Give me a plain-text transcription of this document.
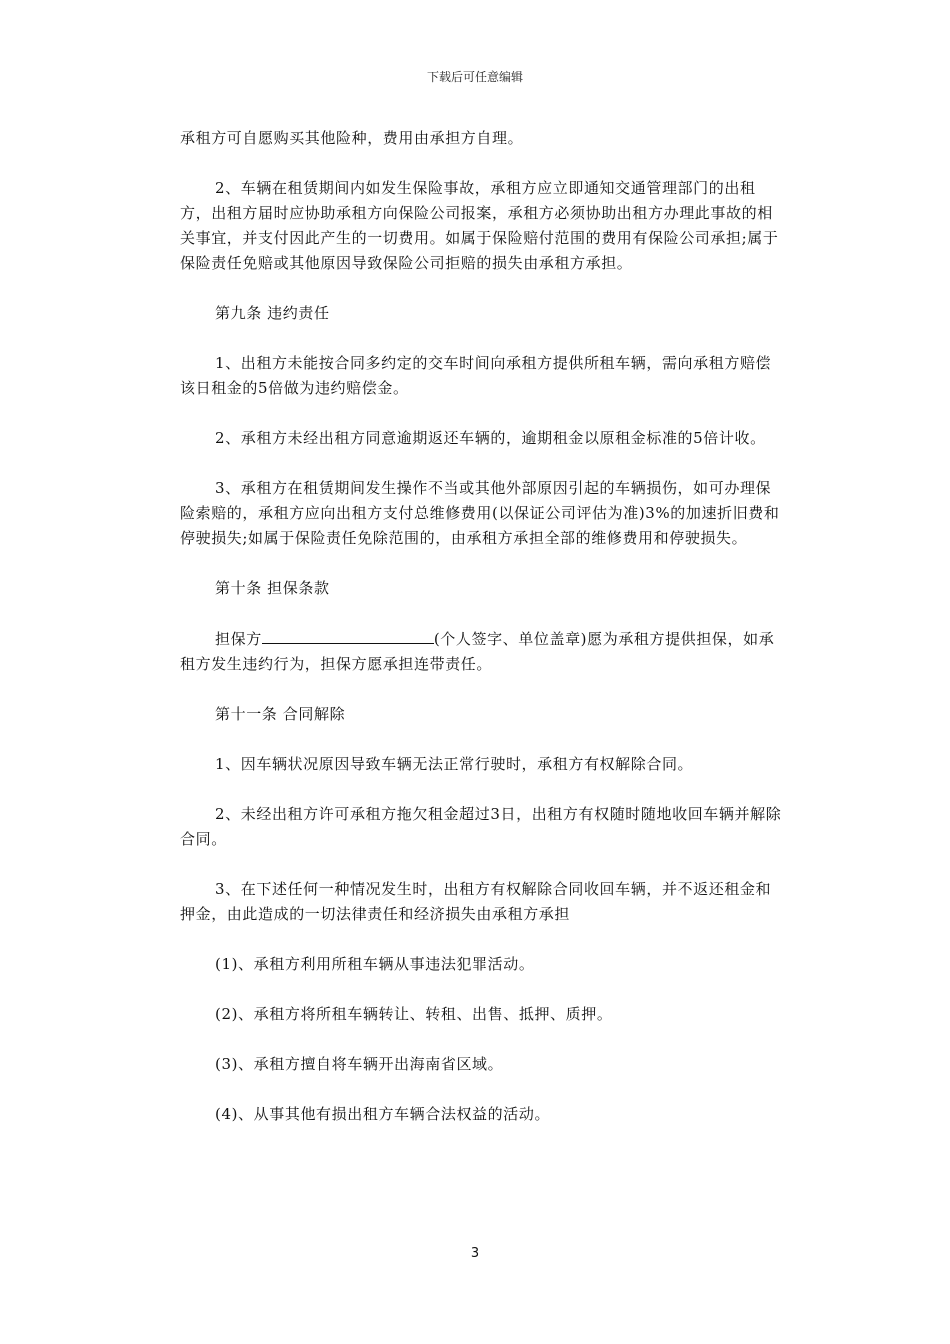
下载后可任意编辑

承租方可自愿购买其他险种，费用由承担方自理。

2、车辆在租赁期间内如发生保险事故，承租方应立即通知交通管理部门的出租方，出租方届时应协助承租方向保险公司报案，承租方必须协助出租方办理此事故的相关事宜，并支付因此产生的一切费用。如属于保险赔付范围的费用有保险公司承担;属于保险责任免赔或其他原因导致保险公司拒赔的损失由承租方承担。

第九条 违约责任

1、出租方未能按合同多约定的交车时间向承租方提供所租车辆，需向承租方赔偿该日租金的5倍做为违约赔偿金。

2、承租方未经出租方同意逾期返还车辆的，逾期租金以原租金标准的5倍计收。

3、承租方在租赁期间发生操作不当或其他外部原因引起的车辆损伤，如可办理保险索赔的，承租方应向出租方支付总维修费用(以保证公司评估为准)3%的加速折旧费和停驶损失;如属于保险责任免除范围的，由承租方承担全部的维修费用和停驶损失。

第十条 担保条款

担保方	(个人签字、单位盖章)愿为承租方提供担保，如承租方发生违约行为，担保方愿承担连带责任。

第十一条 合同解除

1、因车辆状况原因导致车辆无法正常行驶时，承租方有权解除合同。

2、未经出租方许可承租方拖欠租金超过3日，出租方有权随时随地收回车辆并解除合同。

3、在下述任何一种情况发生时，出租方有权解除合同收回车辆，并不返还租金和押金，由此造成的一切法律责任和经济损失由承租方承担

(1)、承租方利用所租车辆从事违法犯罪活动。

(2)、承租方将所租车辆转让、转租、出售、抵押、质押。

(3)、承租方擅自将车辆开出海南省区域。

(4)、从事其他有损出租方车辆合法权益的活动。

3
